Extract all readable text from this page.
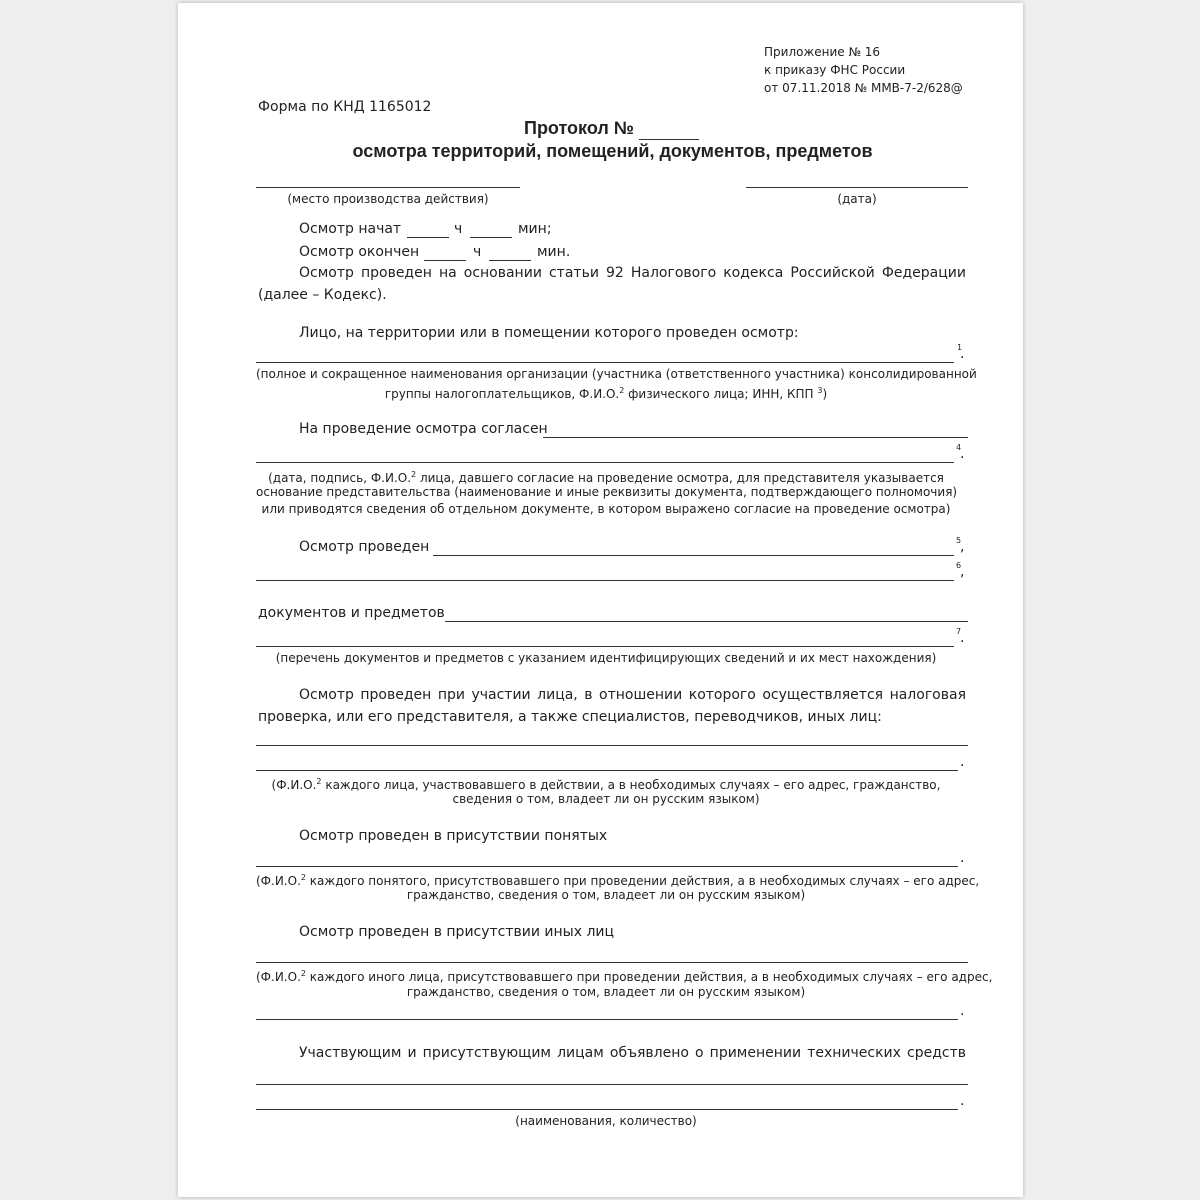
Приложение № 16
к приказу ФНС России
от 07.11.2018 № ММВ-7-2/628@
Форма по КНД 1165012
Протокол №
осмотра территорий, помещений, документов, предметов
(место производства действия)	(дата)
Осмотр начат	ч	мин;
Осмотр окончен	ч	мин.
Осмотр проведен на основании статьи 92 Налогового кодекса Российской Федерации
(далее – Кодекс).
Лицо, на территории или в помещении которого проведен осмотр:
1
.
(полное и сокращенное наименования организации (участника (ответственного участника) консолидированной
группы налогоплательщиков, Ф.И.О.$^2$ физического лица; ИНН, КПП $^3$)
На проведение осмотра согласен
4
.
(дата, подпись, Ф.И.О.$^2$ лица, давшего согласие на проведение осмотра, для представителя указывается
основание представительства (наименование и иные реквизиты документа, подтверждающего полномочия)
или приводятся сведения об отдельном документе, в котором выражено согласие на проведение осмотра)
Осмотр проведен	5
,
6
,
документов и предметов
7
.
(перечень документов и предметов с указанием идентифицирующих сведений и их мест нахождения)
Осмотр проведен при участии лица, в отношении которого осуществляется налоговая
проверка, или его представителя, а также специалистов, переводчиков, иных лиц:
.
(Ф.И.О.$^2$ каждого лица, участвовавшего в действии, а в необходимых случаях – его адрес, гражданство,
сведения о том, владеет ли он русским языком)
Осмотр проведен в присутствии понятых
.
(Ф.И.О.$^2$ каждого понятого, присутствовавшего при проведении действия, а в необходимых случаях – его адрес,
гражданство, сведения о том, владеет ли он русским языком)
Осмотр проведен в присутствии иных лиц
(Ф.И.О.$^2$ каждого иного лица, присутствовавшего при проведении действия, а в необходимых случаях – его адрес,
гражданство, сведения о том, владеет ли он русским языком)
.
Участвующим и присутствующим лицам объявлено о применении технических средств
.
(наименования, количество)
